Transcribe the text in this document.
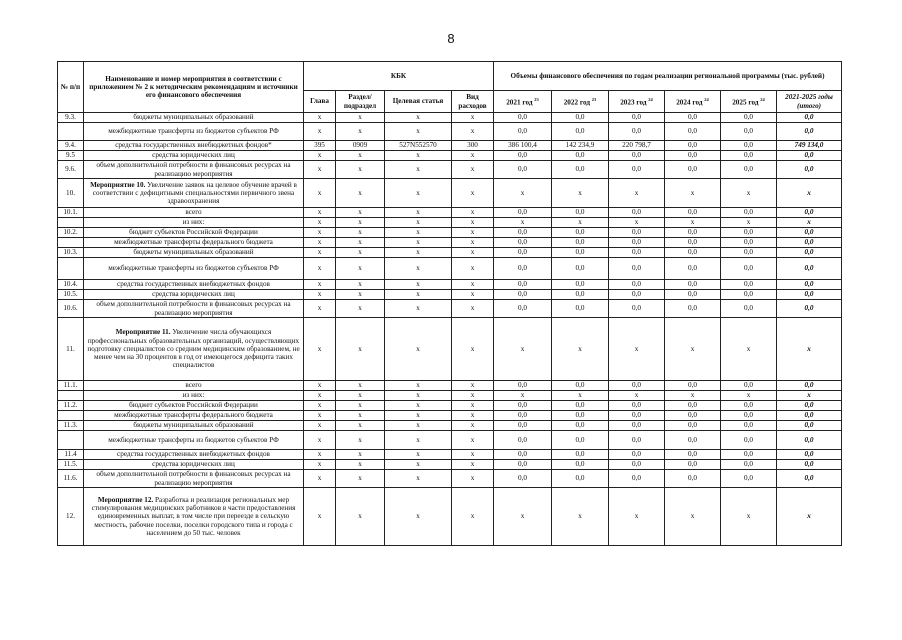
8
№ п/п	Наименование и номер мероприятия в соответствии с приложением № 2 к методическим рекомендациям и источники его финансового обеспечения	КБК				Объемы финансового обеспечения по годам реализации региональной программы (тыс. рублей)					
		Глава	Раздел/ подраздел	Целевая статья	Вид расходов	2021 год $^{23}$	2022 год $^{23}$	2023 год $^{24}$	2024 год $^{24}$	2025 год $^{24}$	2021-2025 годы (итого)
9.3.	бюджеты муниципальных образований	х	х	х	х	0,0	0,0	0,0	0,0	0,0	0,0
	межбюджетные трансферты из бюджетов субъектов РФ	х	х	х	х	0,0	0,0	0,0	0,0	0,0	0,0
9.4.	средства государственных внебюджетных фондов*	395	0909	527N552570	300	386 100,4	142 234,9	220 798,7	0,0	0,0	749 134,0
9.5	средства юридических лиц	х	х	х	х	0,0	0,0	0,0	0,0	0,0	0,0
9.6.	объем дополнительной потребности в финансовых ресурсах на реализацию мероприятия	х	х	х	х	0,0	0,0	0,0	0,0	0,0	0,0
10.	Мероприятие 10. Увеличение заявок на целевое обучение врачей в соответствии с дефицитными специальностями первичного звена здравоохранения	х	х	х	х	х	х	х	х	х	х
10.1.	всего	х	х	х	х	0,0	0,0	0,0	0,0	0,0	0,0
	из них:	х	х	х	х	х	х	х	х	х	х
10.2.	бюджет субъектов Российской Федерации	х	х	х	х	0,0	0,0	0,0	0,0	0,0	0,0
	межбюджетные трансферты федерального бюджета	х	х	х	х	0,0	0,0	0,0	0,0	0,0	0,0
10.3.	бюджеты муниципальных образований	х	х	х	х	0,0	0,0	0,0	0,0	0,0	0,0
	межбюджетные трансферты из бюджетов субъектов РФ	х	х	х	х	0,0	0,0	0,0	0,0	0,0	0,0
10.4.	средства государственных внебюджетных фондов	х	х	х	х	0,0	0,0	0,0	0,0	0,0	0,0
10.5.	средства юридических лиц	х	х	х	х	0,0	0,0	0,0	0,0	0,0	0,0
10.6.	объем дополнительной потребности в финансовых ресурсах на реализацию мероприятия	х	х	х	х	0,0	0,0	0,0	0,0	0,0	0,0
11.	Мероприятие 11. Увеличение числа обучающихся профессиональных образовательных организаций, осуществляющих подготовку специалистов со средним медицинским образованием, не менее чем на 30 процентов в год от имеющегося дефицита таких специалистов	х	х	х	х	х	х	х	х	х	х
11.1.	всего	х	х	х	х	0,0	0,0	0,0	0,0	0,0	0,0
	из них:	х	х	х	х	х	х	х	х	х	х
11.2.	бюджет субъектов Российской Федерации	х	х	х	х	0,0	0,0	0,0	0,0	0,0	0,0
	межбюджетные трансферты федерального бюджета	х	х	х	х	0,0	0,0	0,0	0,0	0,0	0,0
11.3.	бюджеты муниципальных образований	х	х	х	х	0,0	0,0	0,0	0,0	0,0	0,0
	межбюджетные трансферты из бюджетов субъектов РФ	х	х	х	х	0,0	0,0	0,0	0,0	0,0	0,0
11.4	средства государственных внебюджетных фондов	х	х	х	х	0,0	0,0	0,0	0,0	0,0	0,0
11.5.	средства юридических лиц	х	х	х	х	0,0	0,0	0,0	0,0	0,0	0,0
11.6.	объем дополнительной потребности в финансовых ресурсах на реализацию мероприятия	х	х	х	х	0,0	0,0	0,0	0,0	0,0	0,0
12.	Мероприятие 12. Разработка и реализация региональных мер стимулирования медицинских работников в части предоставления единовременных выплат, в том числе при переезде в сельскую местность, рабочие поселки, поселки городского типа и города с населением до 50 тыс. человек	х	х	х	х	х	х	х	х	х	х
